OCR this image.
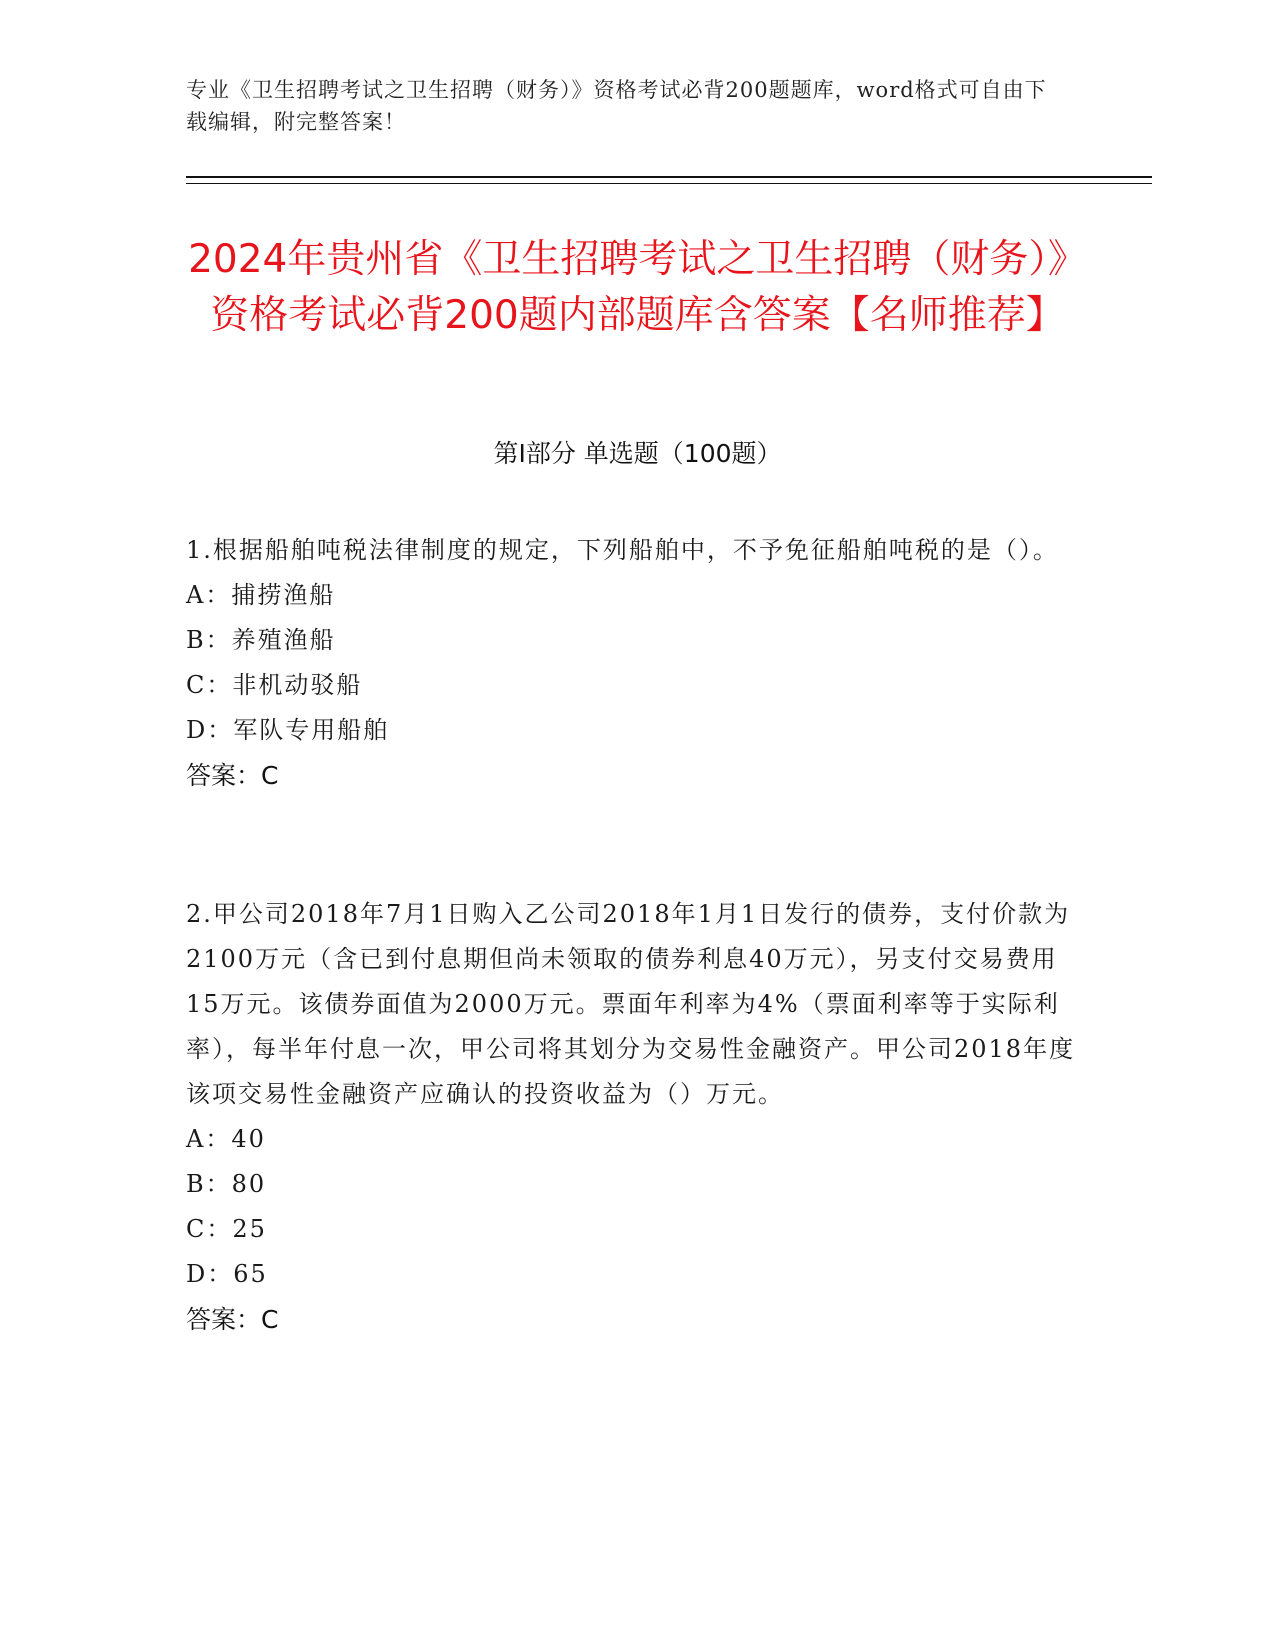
专业《卫生招聘考试之卫生招聘（财务）》资格考试必背200题题库，word格式可自由下载编辑，附完整答案！
2024年贵州省《卫生招聘考试之卫生招聘（财务）》资格考试必背200题内部题库含答案【名师推荐】
第Ⅰ部分 单选题（100题）

1.根据船舶吨税法律制度的规定，下列船舶中，不予免征船舶吨税的是（）。

A：捕捞渔船

B：养殖渔船

C：非机动驳船

D：军队专用船舶

答案：C

2.甲公司2018年7月1日购入乙公司2018年1月1日发行的债券，支付价款为2100万元（含已到付息期但尚未领取的债券利息40万元），另支付交易费用15万元。该债券面值为2000万元。票面年利率为4%（票面利率等于实际利率），每半年付息一次，甲公司将其划分为交易性金融资产。甲公司2018年度该项交易性金融资产应确认的投资收益为（）万元。

A：40

B：80

C：25

D：65

答案：C
